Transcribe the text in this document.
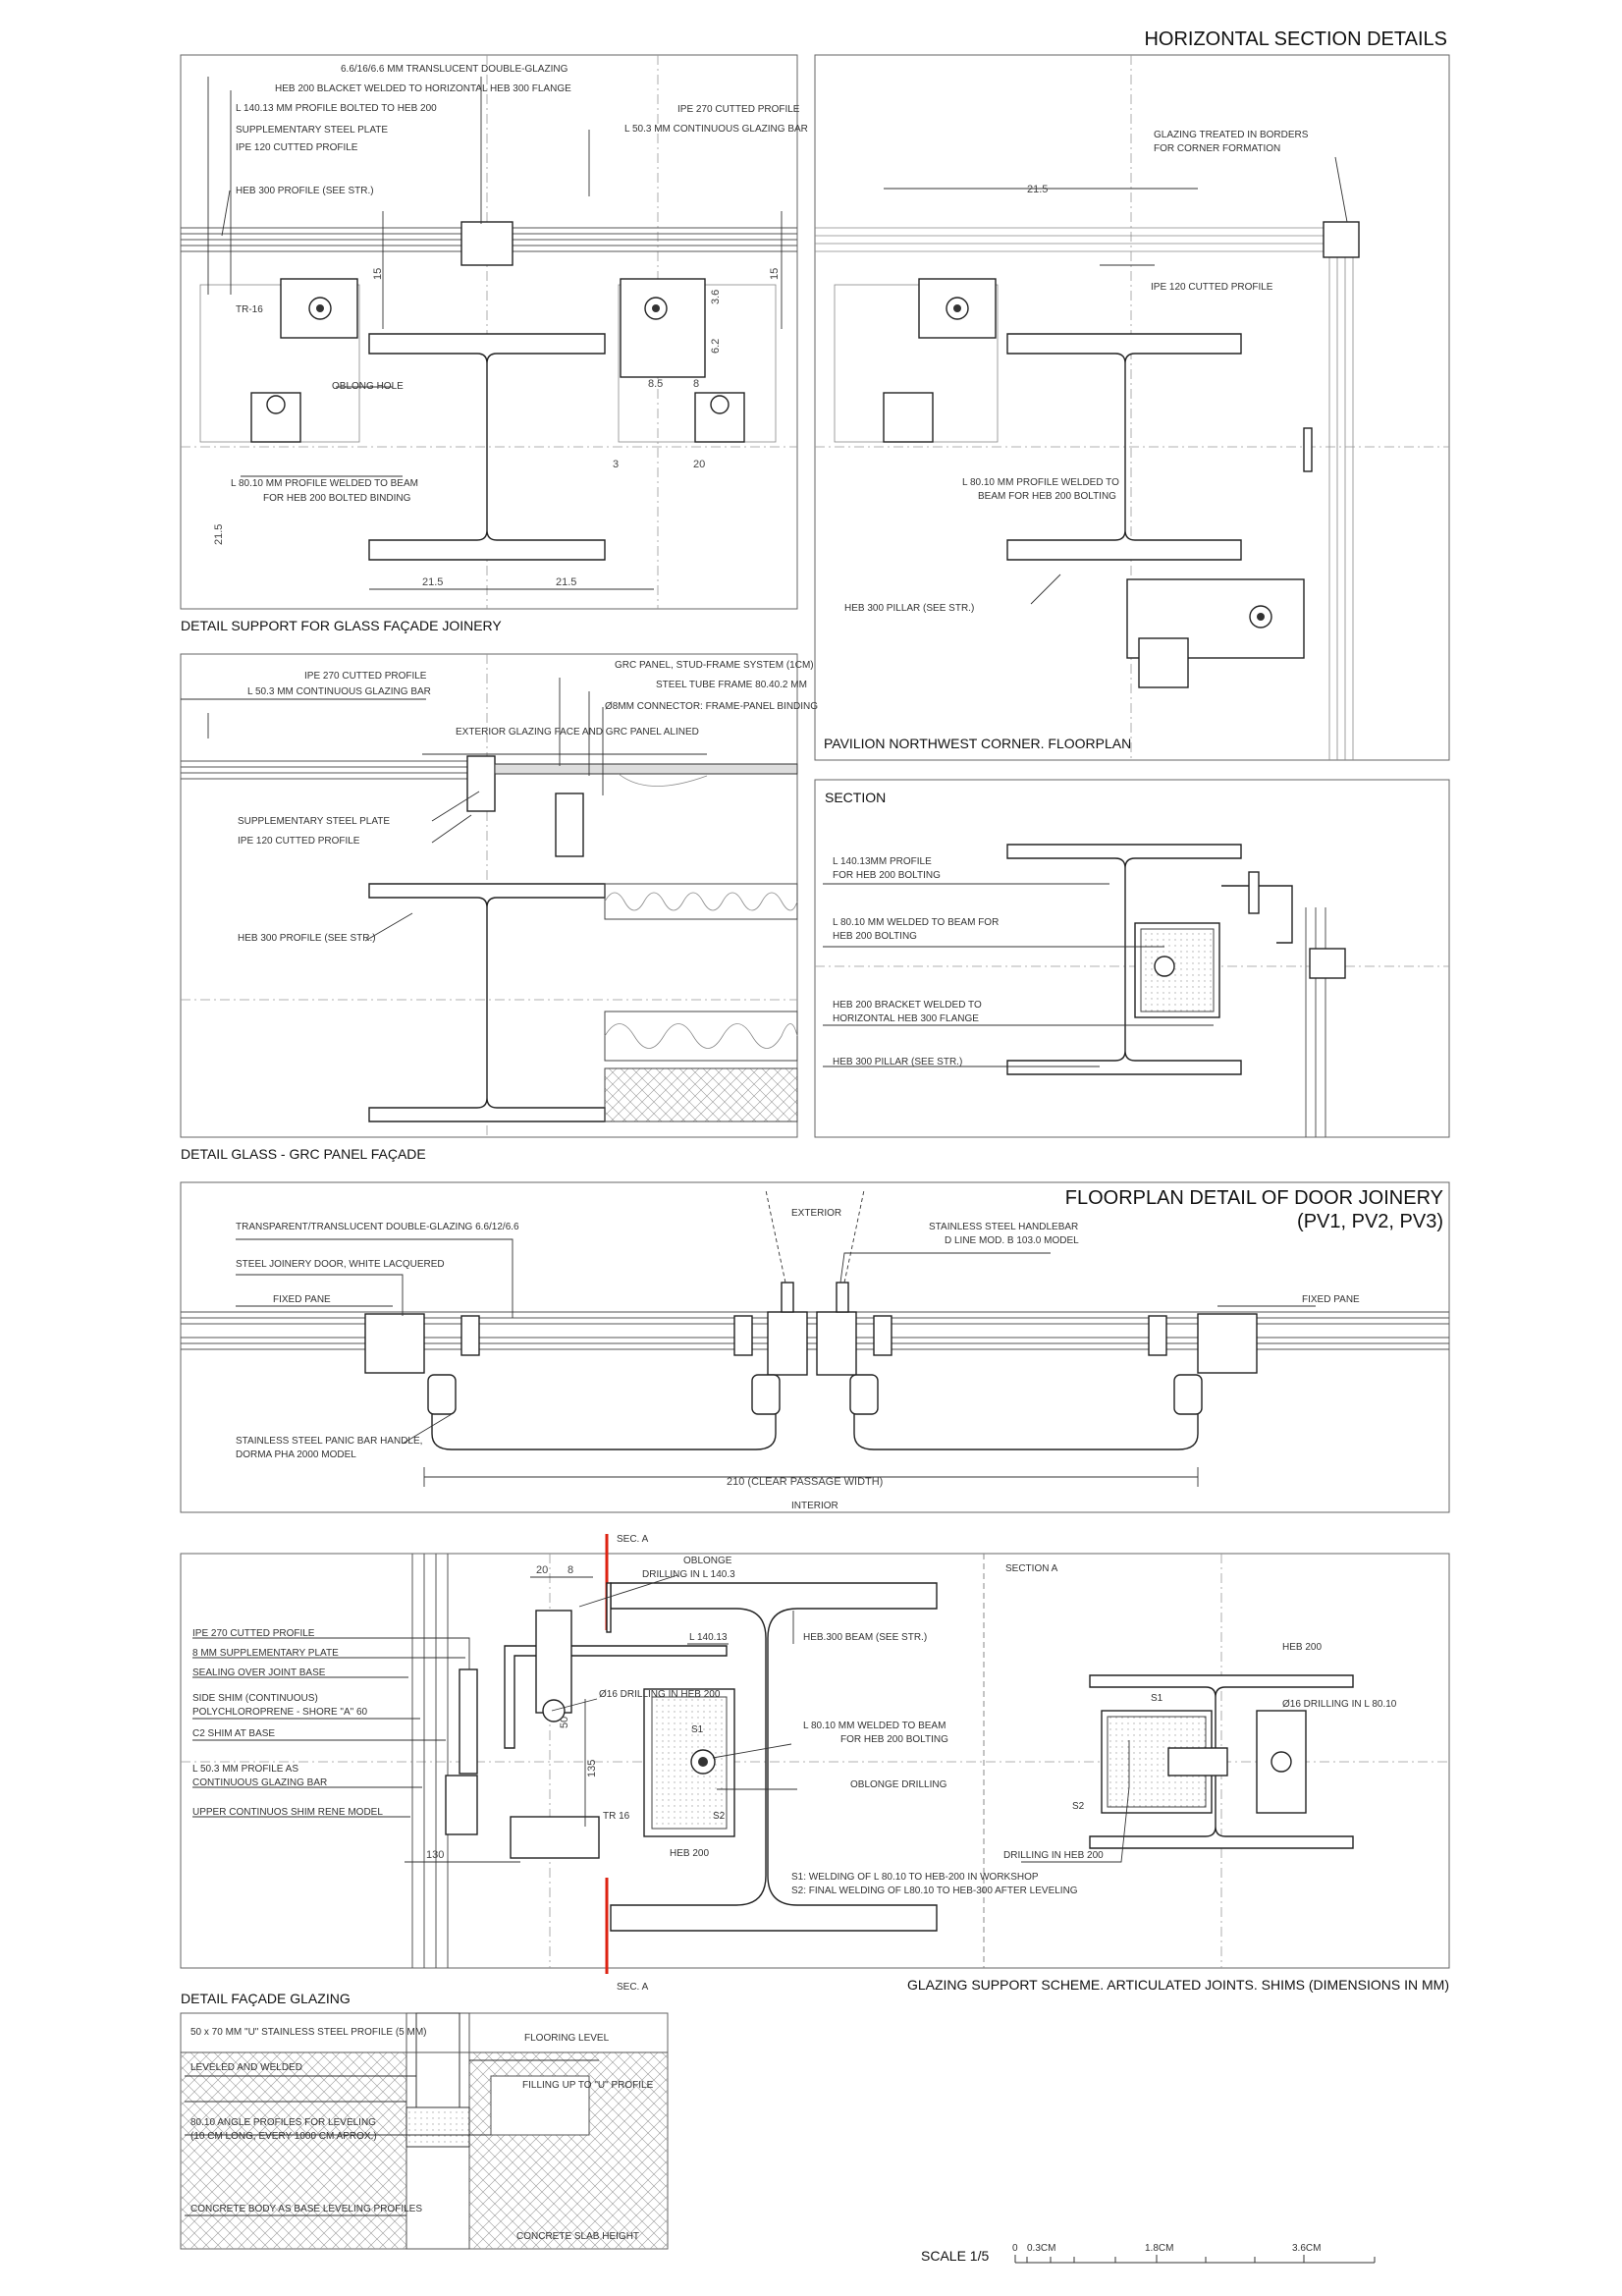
HORIZONTAL SECTION DETAILS
6.6/16/6.6 MM TRANSLUCENT DOUBLE-GLAZING
HEB 200 BLACKET WELDED TO HORIZONTAL HEB 300 FLANGE
L 140.13 MM PROFILE BOLTED TO HEB 200
SUPPLEMENTARY STEEL PLATE
IPE 120 CUTTED PROFILE
IPE 270 CUTTED PROFILE
L 50.3 MM CONTINUOUS GLAZING BAR
HEB 300 PROFILE (SEE STR.)
TR-16
OBLONG HOLE
L 80.10 MM PROFILE WELDED TO BEAM
FOR HEB 200 BOLTED BINDING
21.5	21.5
21.5
15	15
3.6
6.2
8.5	8
3	20
DETAIL SUPPORT FOR GLASS FAÇADE JOINERY
21.5
GLAZING TREATED IN BORDERS
FOR CORNER FORMATION
IPE 120 CUTTED PROFILE
L 80.10 MM PROFILE WELDED TO
BEAM FOR HEB 200 BOLTING
HEB 300 PILLAR (SEE STR.)
PAVILION NORTHWEST CORNER. FLOORPLAN
IPE 270 CUTTED PROFILE
L 50.3 MM CONTINUOUS GLAZING BAR
GRC PANEL, STUD-FRAME SYSTEM (1CM)
STEEL TUBE FRAME 80.40.2 MM
Ø8MM CONNECTOR: FRAME-PANEL BINDING
EXTERIOR GLAZING FACE AND GRC PANEL ALINED
SUPPLEMENTARY STEEL PLATE
IPE 120 CUTTED PROFILE
HEB 300 PROFILE (SEE STR.)
DETAIL GLASS - GRC PANEL FAÇADE
SECTION
L 140.13MM PROFILE
FOR HEB 200 BOLTING
L 80.10 MM WELDED TO BEAM FOR
HEB 200 BOLTING
HEB 200 BRACKET WELDED TO
HORIZONTAL HEB 300 FLANGE
HEB 300 PILLAR (SEE STR.)
FLOORPLAN DETAIL OF DOOR JOINERY
(PV1, PV2, PV3)
TRANSPARENT/TRANSLUCENT DOUBLE-GLAZING 6.6/12/6.6
STEEL JOINERY DOOR, WHITE LACQUERED
FIXED PANE	FIXED PANE
EXTERIOR
STAINLESS STEEL HANDLEBAR
D LINE MOD. B 103.0 MODEL
STAINLESS STEEL PANIC BAR HANDLE,
DORMA PHA 2000 MODEL
INTERIOR
210 (CLEAR PASSAGE WIDTH)
SEC. A
SEC. A
SECTION A
IPE 270 CUTTED PROFILE
8 MM SUPPLEMENTARY PLATE
SEALING OVER JOINT BASE
SIDE SHIM (CONTINUOUS)
POLYCHLOROPRENE - SHORE "A" 60
C2 SHIM AT BASE
L 50.3 MM PROFILE AS
CONTINUOUS GLAZING BAR
UPPER CONTINUOS SHIM RENE MODEL
OBLONGE
DRILLING IN L 140.3
L 140.13	HEB.300 BEAM (SEE STR.)
Ø16 DRILLING IN HEB 200
L 80.10 MM WELDED TO BEAM
FOR HEB 200 BOLTING
OBLONGE DRILLING
S1
S2
TR 16
HEB 200
S1: WELDING OF L 80.10 TO HEB-200 IN WORKSHOP
S2: FINAL WELDING OF L80.10 TO HEB-300 AFTER LEVELING
HEB 200
Ø16 DRILLING IN L 80.10
S1
S2
DRILLING IN HEB 200
20 8
135
130
50
GLAZING SUPPORT SCHEME. ARTICULATED JOINTS. SHIMS (DIMENSIONS IN MM)
DETAIL FAÇADE GLAZING
50 x 70 MM "U" STAINLESS STEEL PROFILE (5 MM)
FLOORING LEVEL
LEVELED AND WELDED
FILLING UP TO "U" PROFILE
80.10 ANGLE PROFILES FOR LEVELING
(10 CM LONG, EVERY 1000 CM APROX.)
CONCRETE BODY AS BASE LEVELING PROFILES
CONCRETE SLAB HEIGHT
SCALE 1/5 0 0.3CM	1.8CM	3.6CM
